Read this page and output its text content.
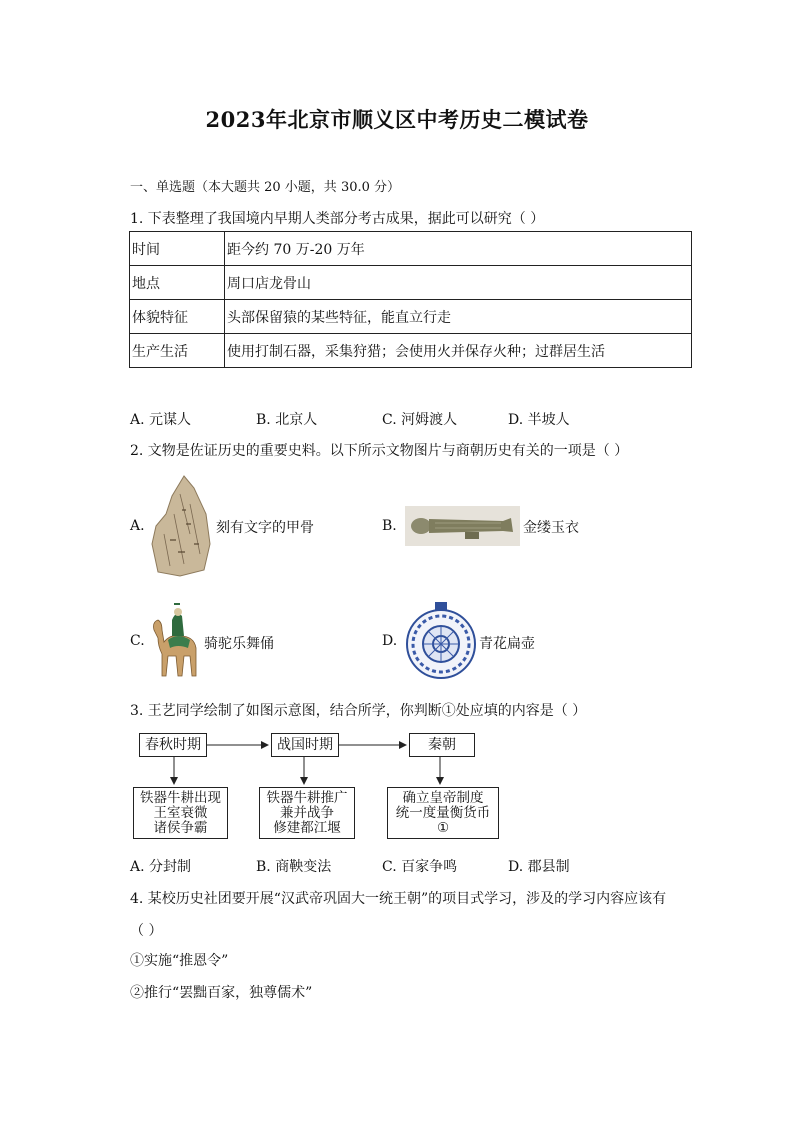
2023年北京市顺义区中考历史二模试卷
一、单选题（本大题共 20 小题，共 30.0 分）
1. 下表整理了我国境内早期人类部分考古成果，据此可以研究（ ）
时间	距今约 70 万-20 万年
地点	周口店龙骨山
体貌特征	头部保留猿的某些特征，能直立行走
生产生活	使用打制石器，采集狩猎；会使用火并保存火种；过群居生活
A. 元谋人	B. 北京人	C. 河姆渡人	D. 半坡人
2. 文物是佐证历史的重要史料。以下所示文物图片与商朝历史有关的一项是（ ）
A.	刻有文字的甲骨	B.	金缕玉衣
C.	骑驼乐舞俑	D.	青花扁壶
3. 王艺同学绘制了如图示意图，结合所学，你判断①处应填的内容是（ ）
春秋时期	战国时期	秦朝
铁器牛耕出现
王室衰微
诸侯争霸
铁器牛耕推广
兼并战争
修建都江堰
确立皇帝制度
统一度量衡货币
①
A. 分封制	B. 商鞅变法	C. 百家争鸣	D. 郡县制
4. 某校历史社团要开展“汉武帝巩固大一统王朝”的项目式学习，涉及的学习内容应该有
（ ）
①实施“推恩令”
②推行“罢黜百家，独尊儒术”
